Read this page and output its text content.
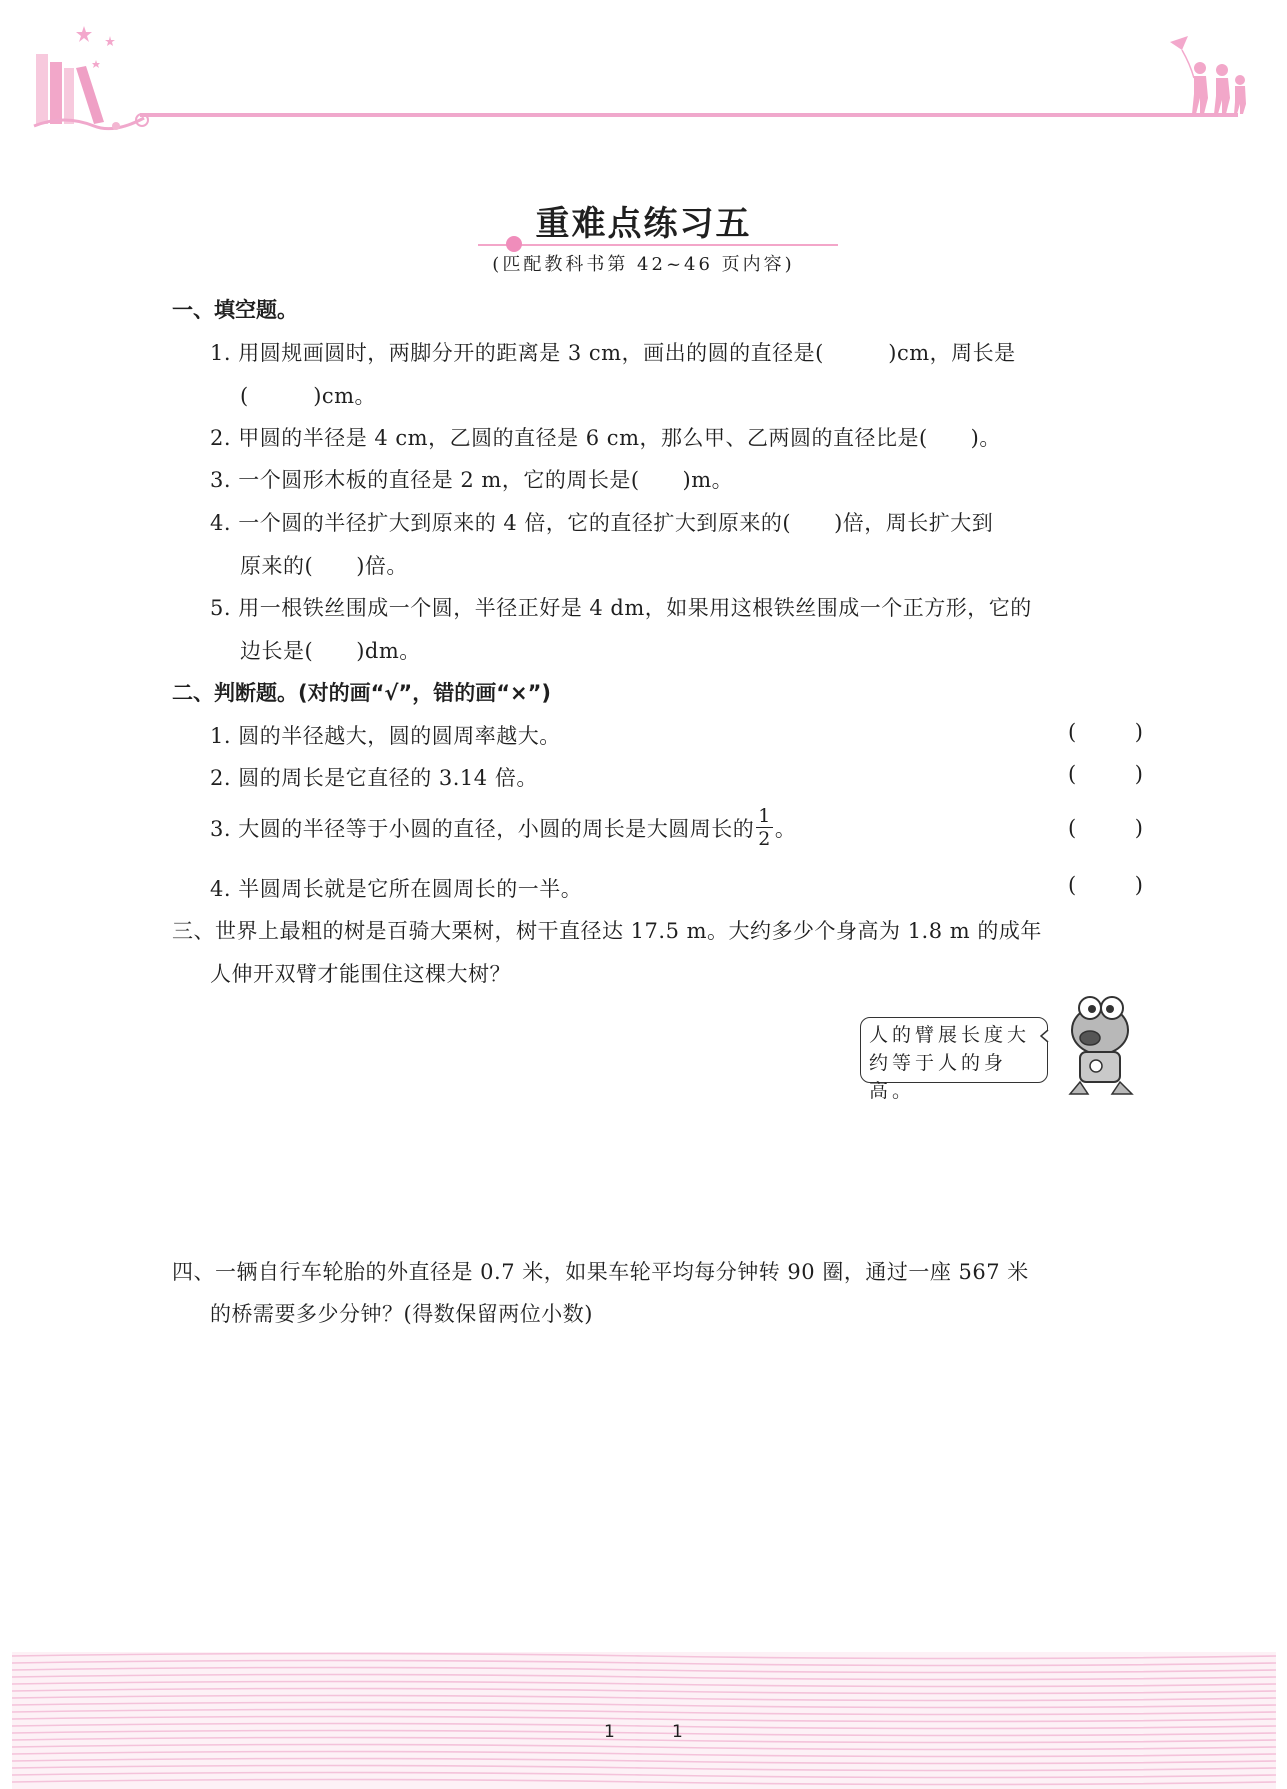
重难点练习五
(匹配教科书第 42~46 页内容)
一、填空题。
1. 用圆规画圆时，两脚分开的距离是 3 cm，画出的圆的直径是(　　　)cm，周长是
(　　　)cm。
2. 甲圆的半径是 4 cm，乙圆的直径是 6 cm，那么甲、乙两圆的直径比是(　　)。
3. 一个圆形木板的直径是 2 m，它的周长是(　　)m。
4. 一个圆的半径扩大到原来的 4 倍，它的直径扩大到原来的(　　)倍，周长扩大到
原来的(　　)倍。
5. 用一根铁丝围成一个圆，半径正好是 4 dm，如果用这根铁丝围成一个正方形，它的
边长是(　　)dm。
二、判断题。(对的画“√”，错的画“×”)
1. 圆的半径越大，圆的圆周率越大。	(	)
2. 圆的周长是它直径的 3.14 倍。	(	)
3. 大圆的半径等于小圆的直径，小圆的周长是大圆周长的 $\frac{1}{2}$ 。	(	)
4. 半圆周长就是它所在圆周长的一半。	(	)
三、世界上最粗的树是百骑大栗树，树干直径达 17.5 m。大约多少个身高为 1.8 m 的成年
人伸开双臂才能围住这棵大树？
人的臂展长度大
约等于人的身高。
四、一辆自行车轮胎的外直径是 0.7 米，如果车轮平均每分钟转 90 圈，通过一座 567 米
的桥需要多少分钟？(得数保留两位小数)
1	1
